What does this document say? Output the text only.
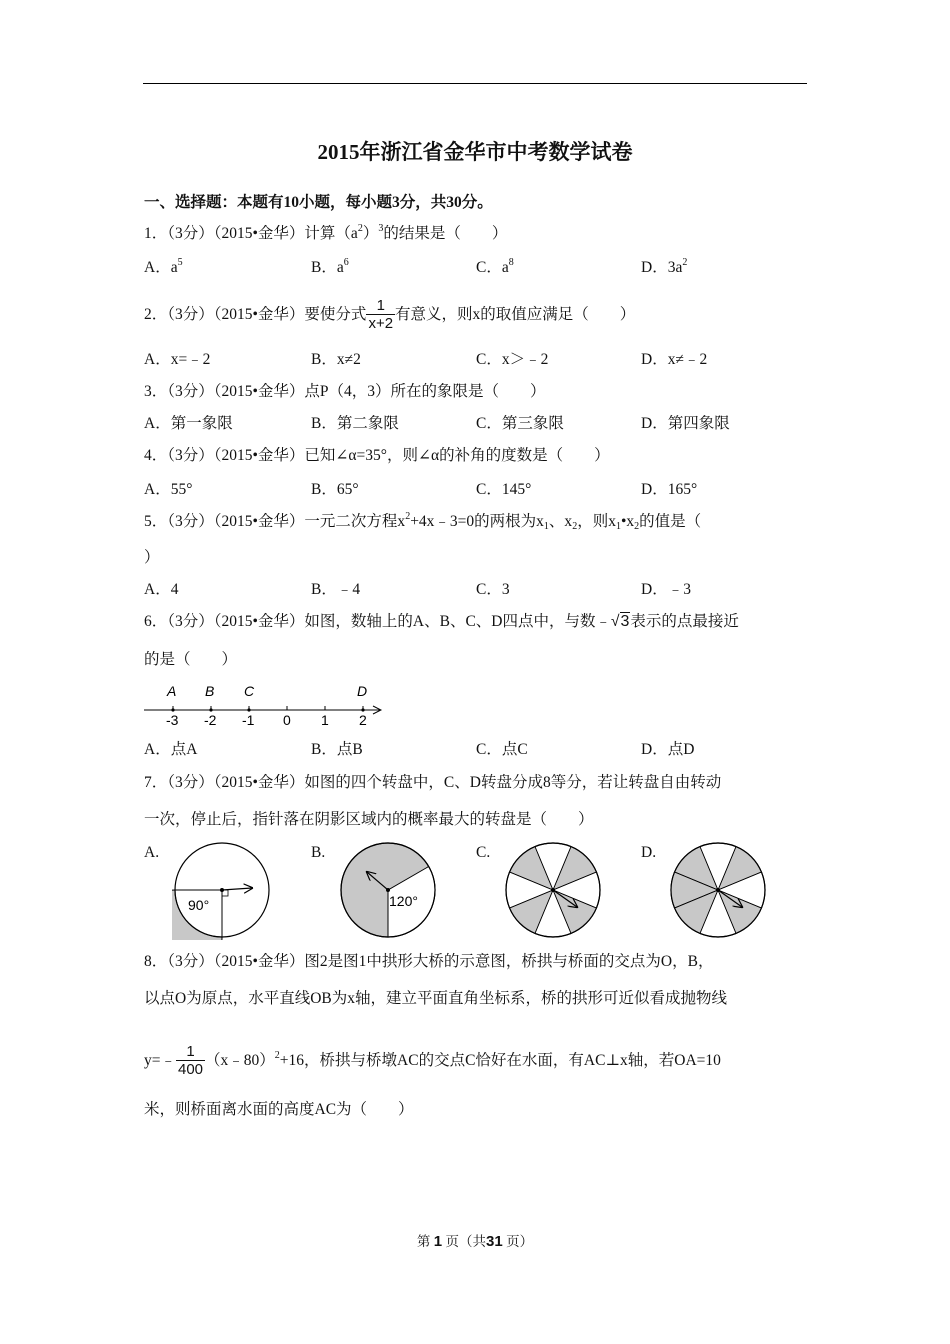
2015年浙江省金华市中考数学试卷
一、选择题：本题有10小题，每小题3分，共30分。
1．（3分）（2015•金华）计算$(a^2)^3$的结果是（　　）
A．$a^5$	B．$a^6$	C．$a^8$	D．$3a^2$
2．（3分）（2015•金华）要使分式 $\frac{1}{x+2}$ 有意义，则x的取值应满足（　　）
A．x=﹣2	B．x≠2	C．x＞﹣2	D．x≠﹣2
3．（3分）（2015•金华）点P（4，3）所在的象限是（　　）
A．第一象限	B．第二象限	C．第三象限	D．第四象限
4．（3分）（2015•金华）已知∠α=35°，则∠α的补角的度数是（　　）
A．55°	B．65°	C．145°	D．165°
5．（3分）（2015•金华）一元二次方程$x^2+4x﹣3=0$的两根为$x_1$、$x_2$，则$x_1•x_2$的值是（
）
A．4	B．﹣4	C．3	D．﹣3
6．（3分）（2015•金华）如图，数轴上的A、B、C、D四点中，与数﹣√3表示的点最接近
的是（　　）
A B C	D
-3 -2 -1 0 1 2
A．点A	B．点B	C．点C	D．点D
7．（3分）（2015•金华）如图的四个转盘中，C、D转盘分成8等分，若让转盘自由转动
一次，停止后，指针落在阴影区域内的概率最大的转盘是（　　）
A.	B.	C.	D.
90°	120°
8．（3分）（2015•金华）图2是图1中拱形大桥的示意图，桥拱与桥面的交点为O，B，
以点O为原点，水平直线OB为x轴，建立平面直角坐标系，桥的拱形可近似看成抛物线
y=﹣ $\frac{1}{400}$ （x﹣80）$^2$+16，桥拱与桥墩AC的交点C恰好在水面，有AC⊥x轴，若OA=10
米，则桥面离水面的高度AC为（　　）
第 1 页（共31 页）
